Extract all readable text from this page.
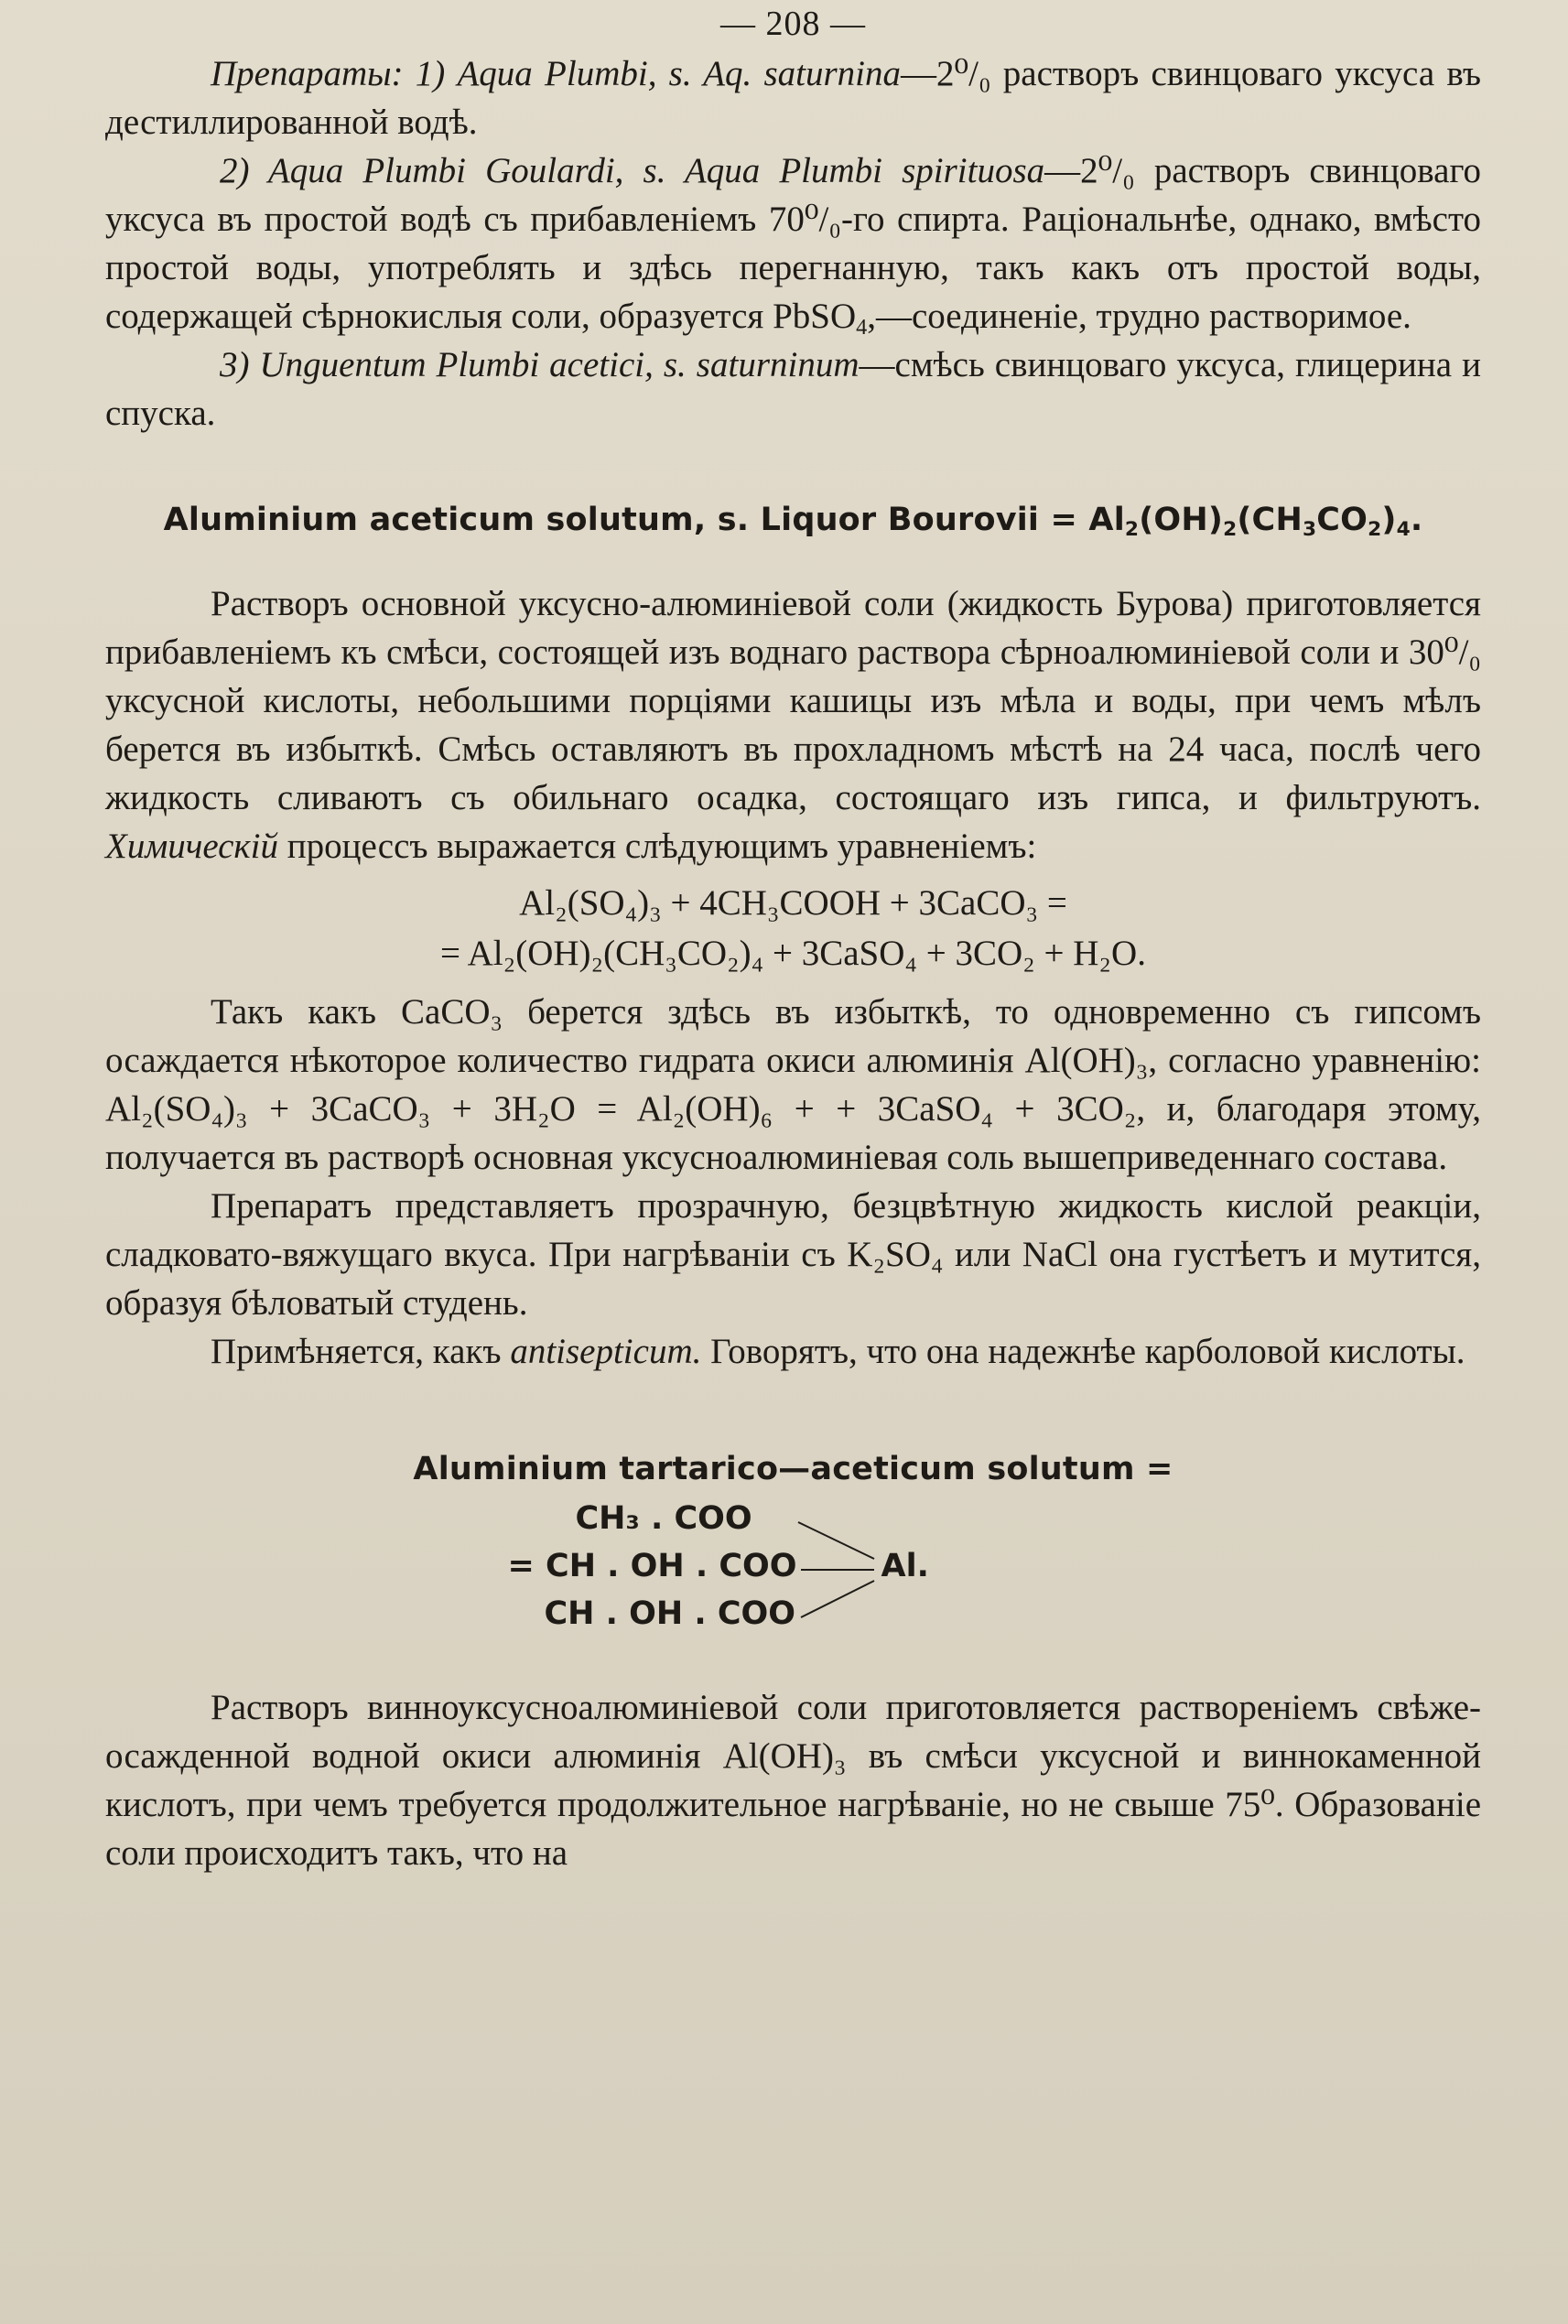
— 208 —

Препараты: 1) Aqua Plumbi, s. Aq. saturnina—2⁰/₀ растворъ свинцоваго уксуса въ дестиллированной водѣ.

2) Aqua Plumbi Goulardi, s. Aqua Plumbi spirituosa—2⁰/₀ растворъ свинцоваго уксуса въ простой водѣ съ прибавленіемъ 70⁰/₀-го спирта. Раціональнѣе, однако, вмѣсто простой воды, употреблять и здѣсь перегнанную, такъ какъ отъ простой воды, содержащей сѣрнокислыя соли, образуется PbSO$_4$,—соединеніе, трудно растворимое.

3) Unguentum Plumbi acetici, s. saturninum—смѣсь свинцоваго уксуса, глицерина и спуска.

Aluminium aceticum solutum, s. Liquor Bourovii = $Al_2(OH)_2(CH_3CO_2)_4$.

Растворъ основной уксусно-алюминіевой соли (жидкость Бурова) приготовляется прибавленіемъ къ смѣси, состоящей изъ воднаго раствора сѣрноалюминіевой соли и 30⁰/₀ уксусной кислоты, небольшими порціями кашицы изъ мѣла и воды, при чемъ мѣлъ берется въ избыткѣ. Смѣсь оставляютъ въ прохладномъ мѣстѣ на 24 часа, послѣ чего жидкость сливаютъ съ обильнаго осадка, состоящаго изъ гипса, и фильтруютъ. Химическій процессъ выражается слѣдующимъ уравненіемъ:

Al₂(SO₄)₃ + 4CH₃COOH + 3CaCO₃ =
= Al₂(OH)₂(CH₃CO₂)₄ + 3CaSO₄ + 3CO₂ + H₂O.

Такъ какъ CaCO₃ берется здѣсь въ избыткѣ, то одновременно съ гипсомъ осаждается нѣкоторое количество гидрата окиси алюминія Al(OH)₃, согласно уравненію: Al₂(SO₄)₃ + 3CaCO₃ + 3H₂O = Al₂(OH)₆ + + 3CaSO₄ + 3CO₂, и, благодаря этому, получается въ растворѣ основная уксусноалюминіевая соль вышеприведеннаго состава.

Препаратъ представляетъ прозрачную, безцвѣтную жидкость кислой реакціи, сладковато-вяжущаго вкуса. При нагрѣваніи съ K₂SO₄ или NaCl она густѣетъ и мутится, образуя бѣловатый студень.

Примѣняется, какъ antisepticum. Говорятъ, что она надежнѣе карболовой кислоты.

Aluminium tartarico—aceticum solutum =
CH₃ . COO
= CH . OH . COO
CH . OH . COO
Al.

Растворъ винноуксусноалюминіевой соли приготовляется раствореніемъ свѣже-осажденной водной окиси алюминія Al(OH)₃ въ смѣси уксусной и виннокаменной кислотъ, при чемъ требуется продолжительное нагрѣваніе, но не свыше 75⁰. Образованіе соли происходитъ такъ, что на
